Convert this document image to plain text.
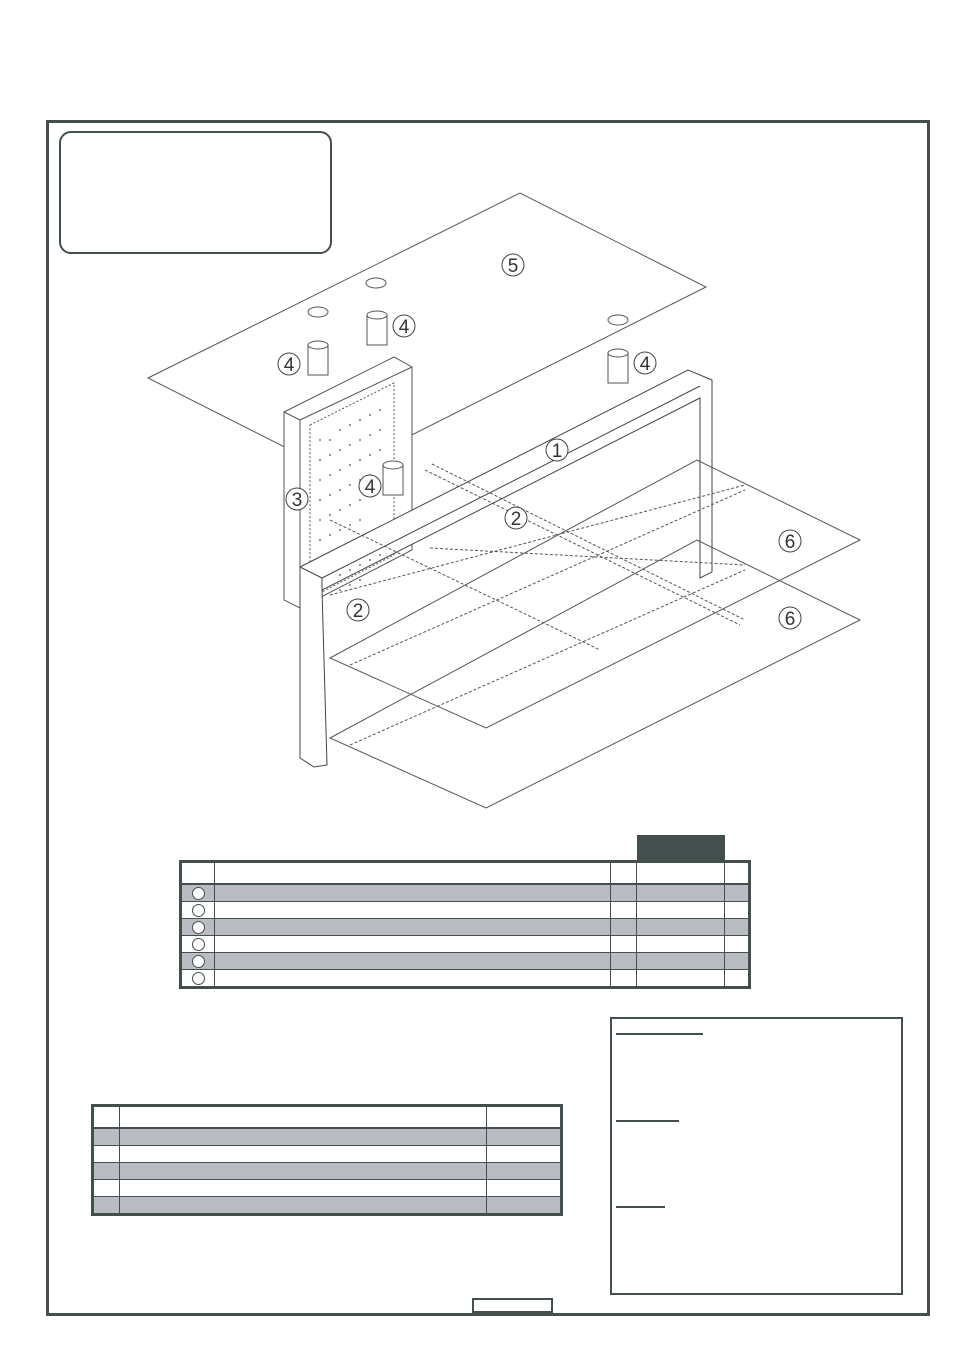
5
4
4	4
4
1
3
2
2
6
6
